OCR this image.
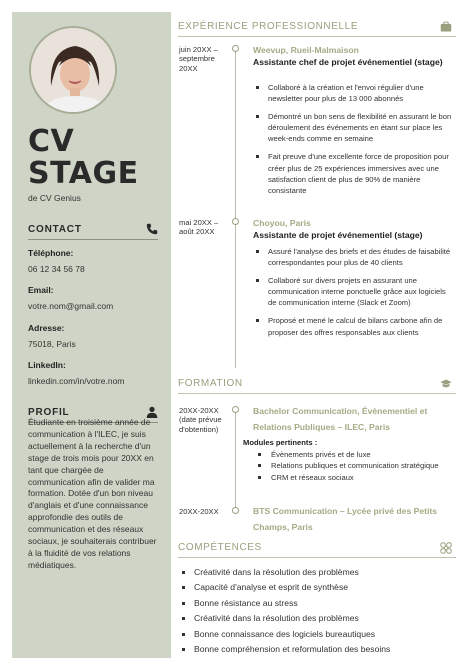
CV STAGE
de CV Genius
CONTACT
Téléphone:
06 12 34 56 78
Email:
votre.nom@gmail.com
Adresse:
75018, Paris
LinkedIn:
linkedin.com/in/votre.nom
PROFIL
Étudiante en troisième année de communication à l'ILEC, je suis actuellement à la recherche d'un stage de trois mois pour 20XX en tant que chargée de communication afin de valider ma formation. Dotée d'un bon niveau d'anglais et d'une connaissance approfondie des outils de communication et des réseaux sociaux, je souhaiterais contribuer à la fluidité de vos relations médiatiques.
EXPÉRIENCE PROFESSIONNELLE
juin 20XX – septembre 20XX
Weevup, Rueil-Malmaison
Assistante chef de projet événementiel (stage)
Collaboré à la création et l'envoi régulier d'une newsletter pour plus de 13 000 abonnés
Démontré un bon sens de flexibilité en assurant le bon déroulement des événements en étant sur place les week-ends comme en semaine
Fait preuve d'une excellente force de proposition pour créer plus de 25 expériences immersives avec une satisfaction client de plus de 90% de manière consistante
mai 20XX – août 20XX
Choyou, Paris
Assistante de projet événementiel (stage)
Assuré l'analyse des briefs et des études de faisabilité correspondantes pour plus de 40 clients
Collaboré sur divers projets en assurant une communication interne ponctuelle grâce aux logiciels de communication interne (Slack et Zoom)
Proposé et mené le calcul de bilans carbone afin de proposer des offres responsables aux clients
FORMATION
20XX-20XX (date prévue d'obtention)
Bachelor Communication, Évènementiel et Relations Publiques – ILEC, Paris
Modules pertinents :
Évènements privés et de luxe
Relations publiques et communication stratégique
CRM et réseaux sociaux
20XX-20XX	BTS Communication – Lycée privé des Petits Champs, Paris
COMPÉTENCES
Créativité dans la résolution des problèmes
Capacité d'analyse et esprit de synthèse
Bonne résistance au stress
Créativité dans la résolution des problèmes
Bonne connaissance des logiciels bureautiques
Bonne compréhension et reformulation des besoins
